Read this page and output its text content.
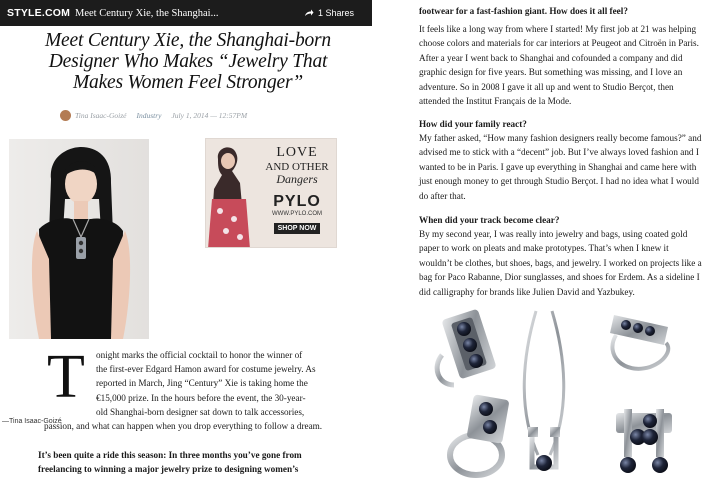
STYLE.COM Meet Century Xie, the Shanghai...	1 Shares
Meet Century Xie, the Shanghai-born
Designer Who Makes “Jewelry That
Makes Women Feel Stronger”
Tina Isaac-Goizé Industry July 1, 2014 — 12:57PM
LOVE
AND OTHER
Dangers
PYLO
WWW.PYLO.COM
SHOP NOW
T	onight marks the official cocktail to honor the winner of
the first-ever Edgard Hamon award for costume jewelry. As
reported in March, Jing “Century” Xie is taking home the
€15,000 prize. In the hours before the event, the 30-year-
old Shanghai-born designer sat down to talk accessories,
passion, and what can happen when you drop everything to follow a dream.
—Tina Isaac-Goizé
It’s been quite a ride this season: In three months you’ve gone from
freelancing to winning a major jewelry prize to designing women’s
footwear for a fast-fashion giant. How does it all feel?
It feels like a long way from where I started! My first job at 21 was helping
choose colors and materials for car interiors at Peugeot and Citroën in Paris.
After a year I went back to Shanghai and cofounded a company and did
graphic design for five years. But something was missing, and I love an
adventure. So in 2008 I gave it all up and went to Studio Berçot, then
attended the Institut Français de la Mode.
How did your family react?
My father asked, “How many fashion designers really become famous?” and
advised me to stick with a “decent” job. But I’ve always loved fashion and I
wanted to be in Paris. I gave up everything in Shanghai and came here with
just enough money to get through Studio Berçot. I had no idea what I would
do after that.
When did your track become clear?
By my second year, I was really into jewelry and bags, using coated gold
paper to work on pleats and make prototypes. That’s when I knew it
wouldn’t be clothes, but shoes, bags, and jewelry. I worked on projects like a
bag for Paco Rabanne, Dior sunglasses, and shoes for Erdem. As a sideline I
did calligraphy for brands like Julien David and Yazbukey.
